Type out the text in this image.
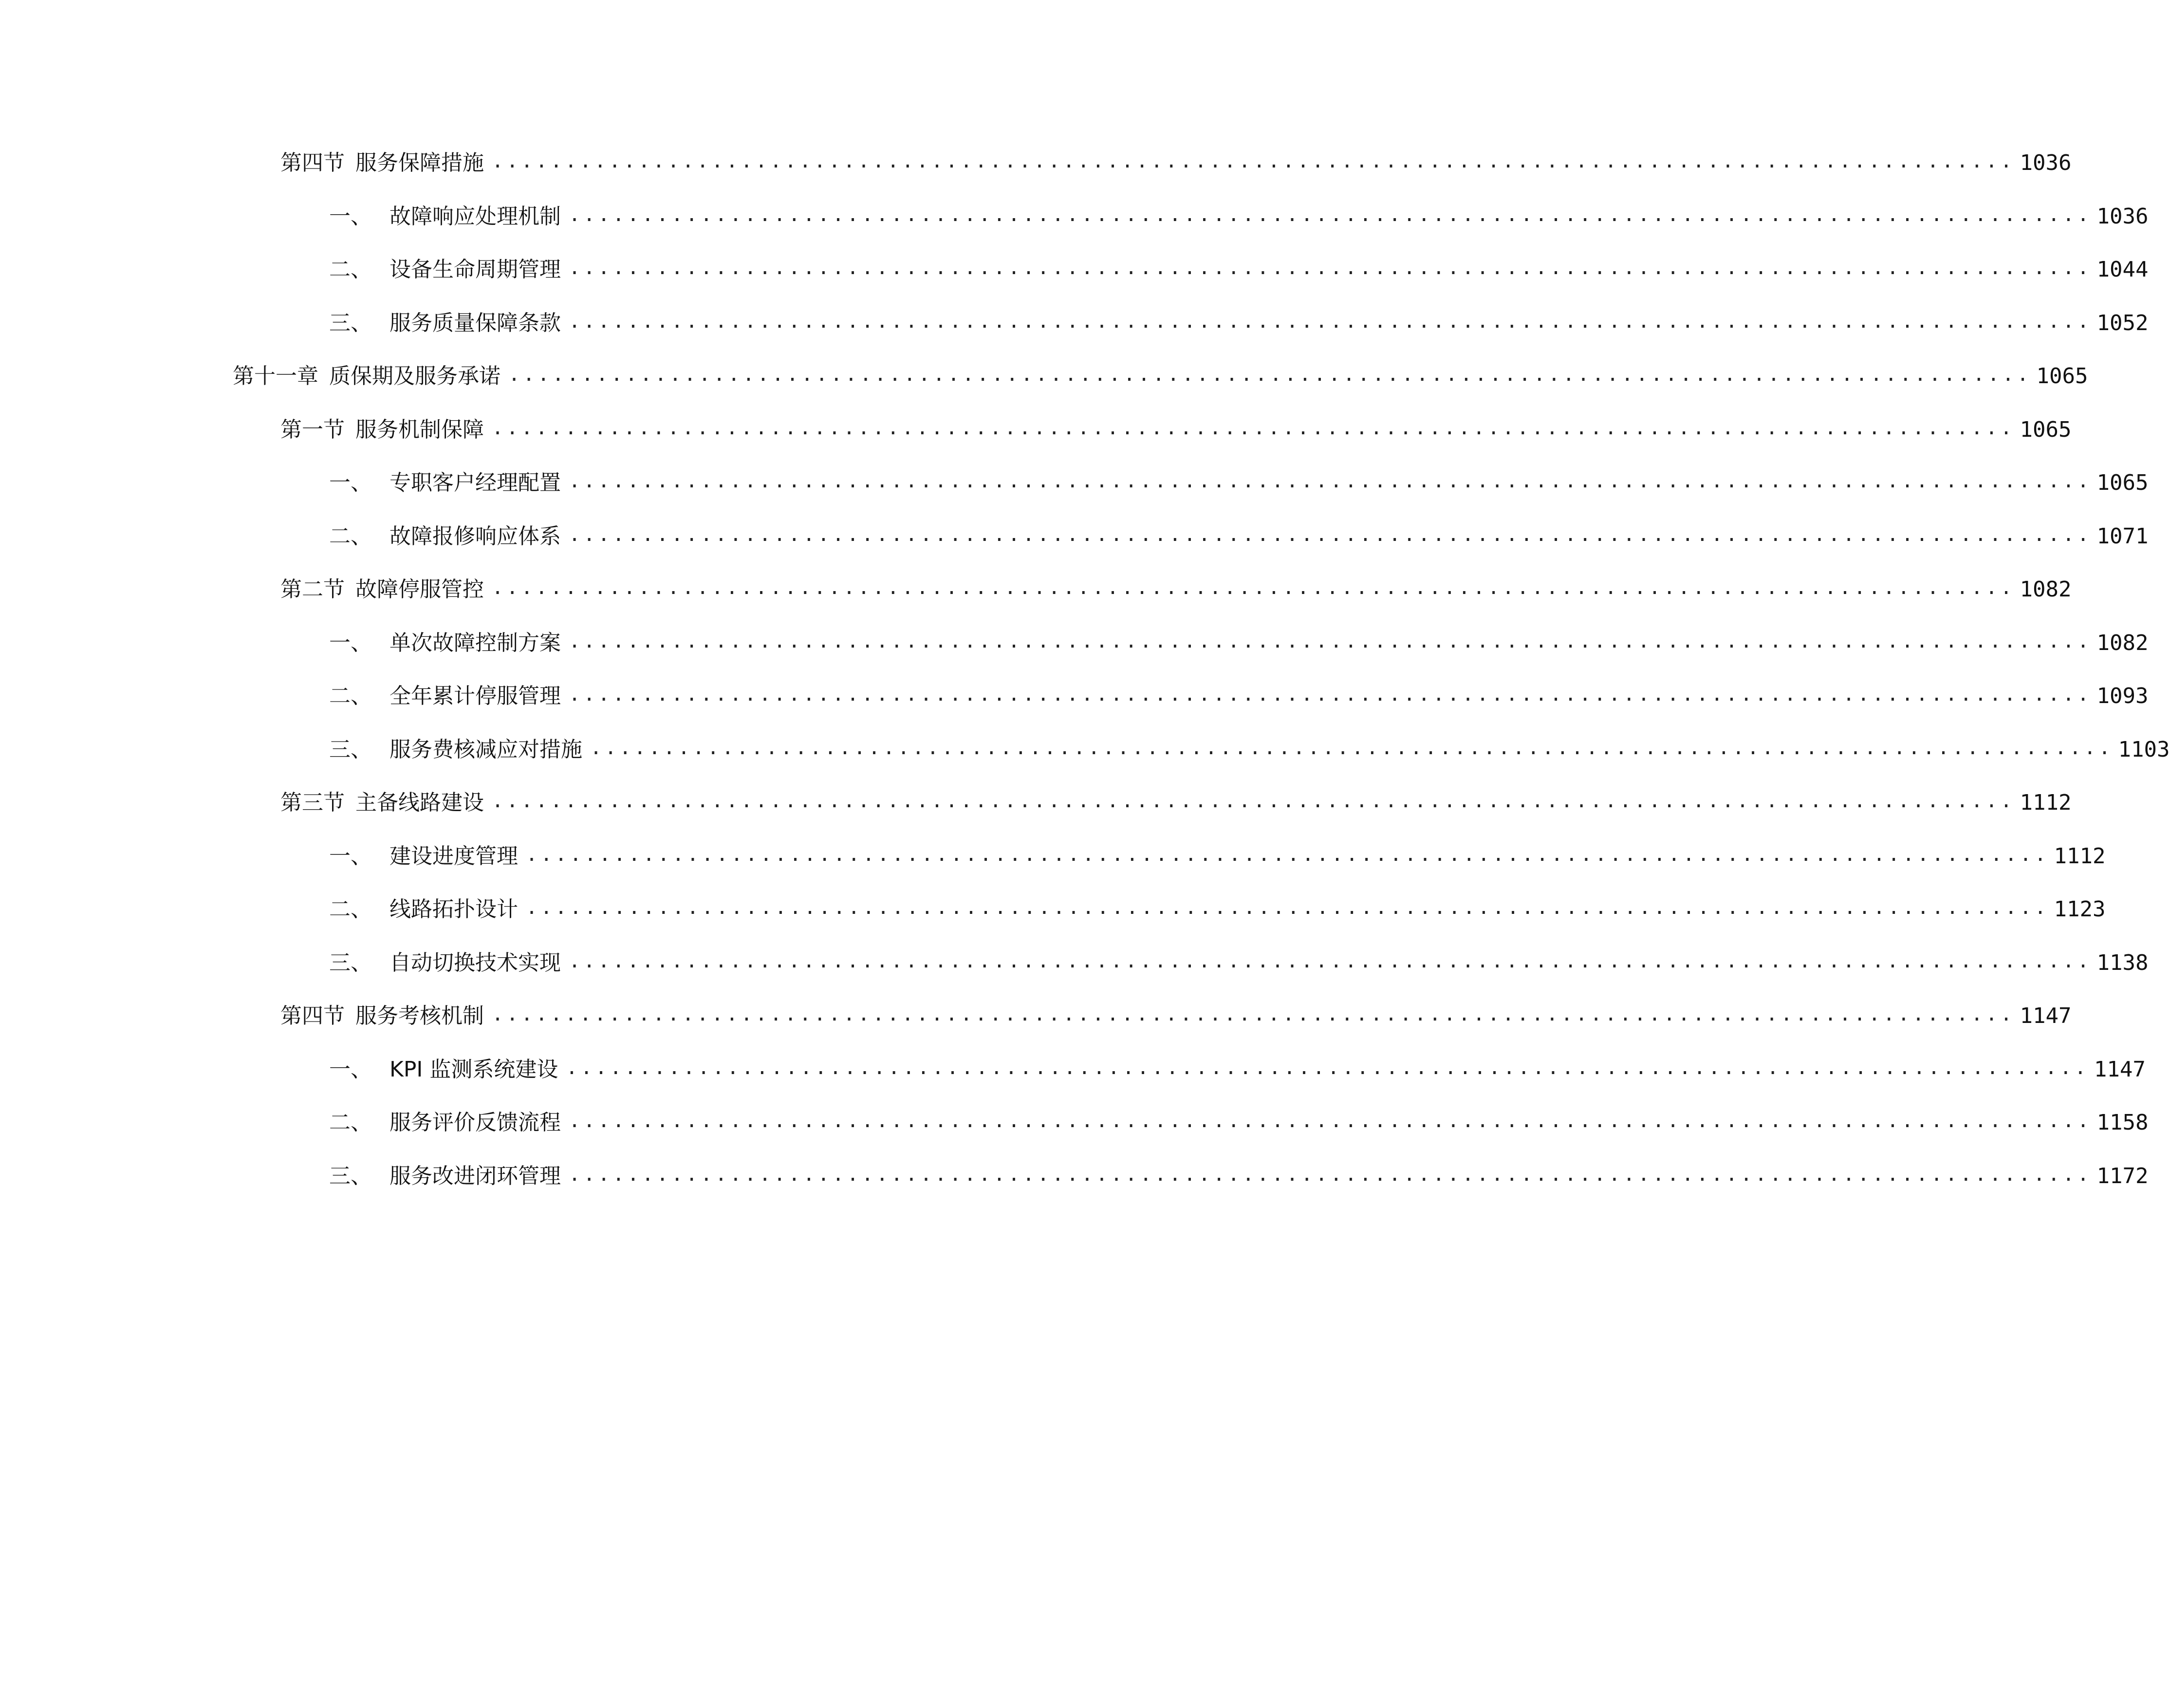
第四节 服务保障措施 ........................................................................................................ 1036
一、 故障响应处理机制 ........................................................................................................ 1036
二、 设备生命周期管理 ........................................................................................................ 1044
三、 服务质量保障条款 ........................................................................................................ 1052
第十一章 质保期及服务承诺 ........................................................................................................ 1065
第一节 服务机制保障 ........................................................................................................ 1065
一、 专职客户经理配置 ........................................................................................................ 1065
二、 故障报修响应体系 ........................................................................................................ 1071
第二节 故障停服管控 ........................................................................................................ 1082
一、 单次故障控制方案 ........................................................................................................ 1082
二、 全年累计停服管理 ........................................................................................................ 1093
三、 服务费核减应对措施 ........................................................................................................ 1103
第三节 主备线路建设 ........................................................................................................ 1112
一、 建设进度管理 ........................................................................................................ 1112
二、 线路拓扑设计 ........................................................................................................ 1123
三、 自动切换技术实现 ........................................................................................................ 1138
第四节 服务考核机制 ........................................................................................................ 1147
一、 KPI 监测系统建设 ........................................................................................................ 1147
二、 服务评价反馈流程 ........................................................................................................ 1158
三、 服务改进闭环管理 ........................................................................................................ 1172
